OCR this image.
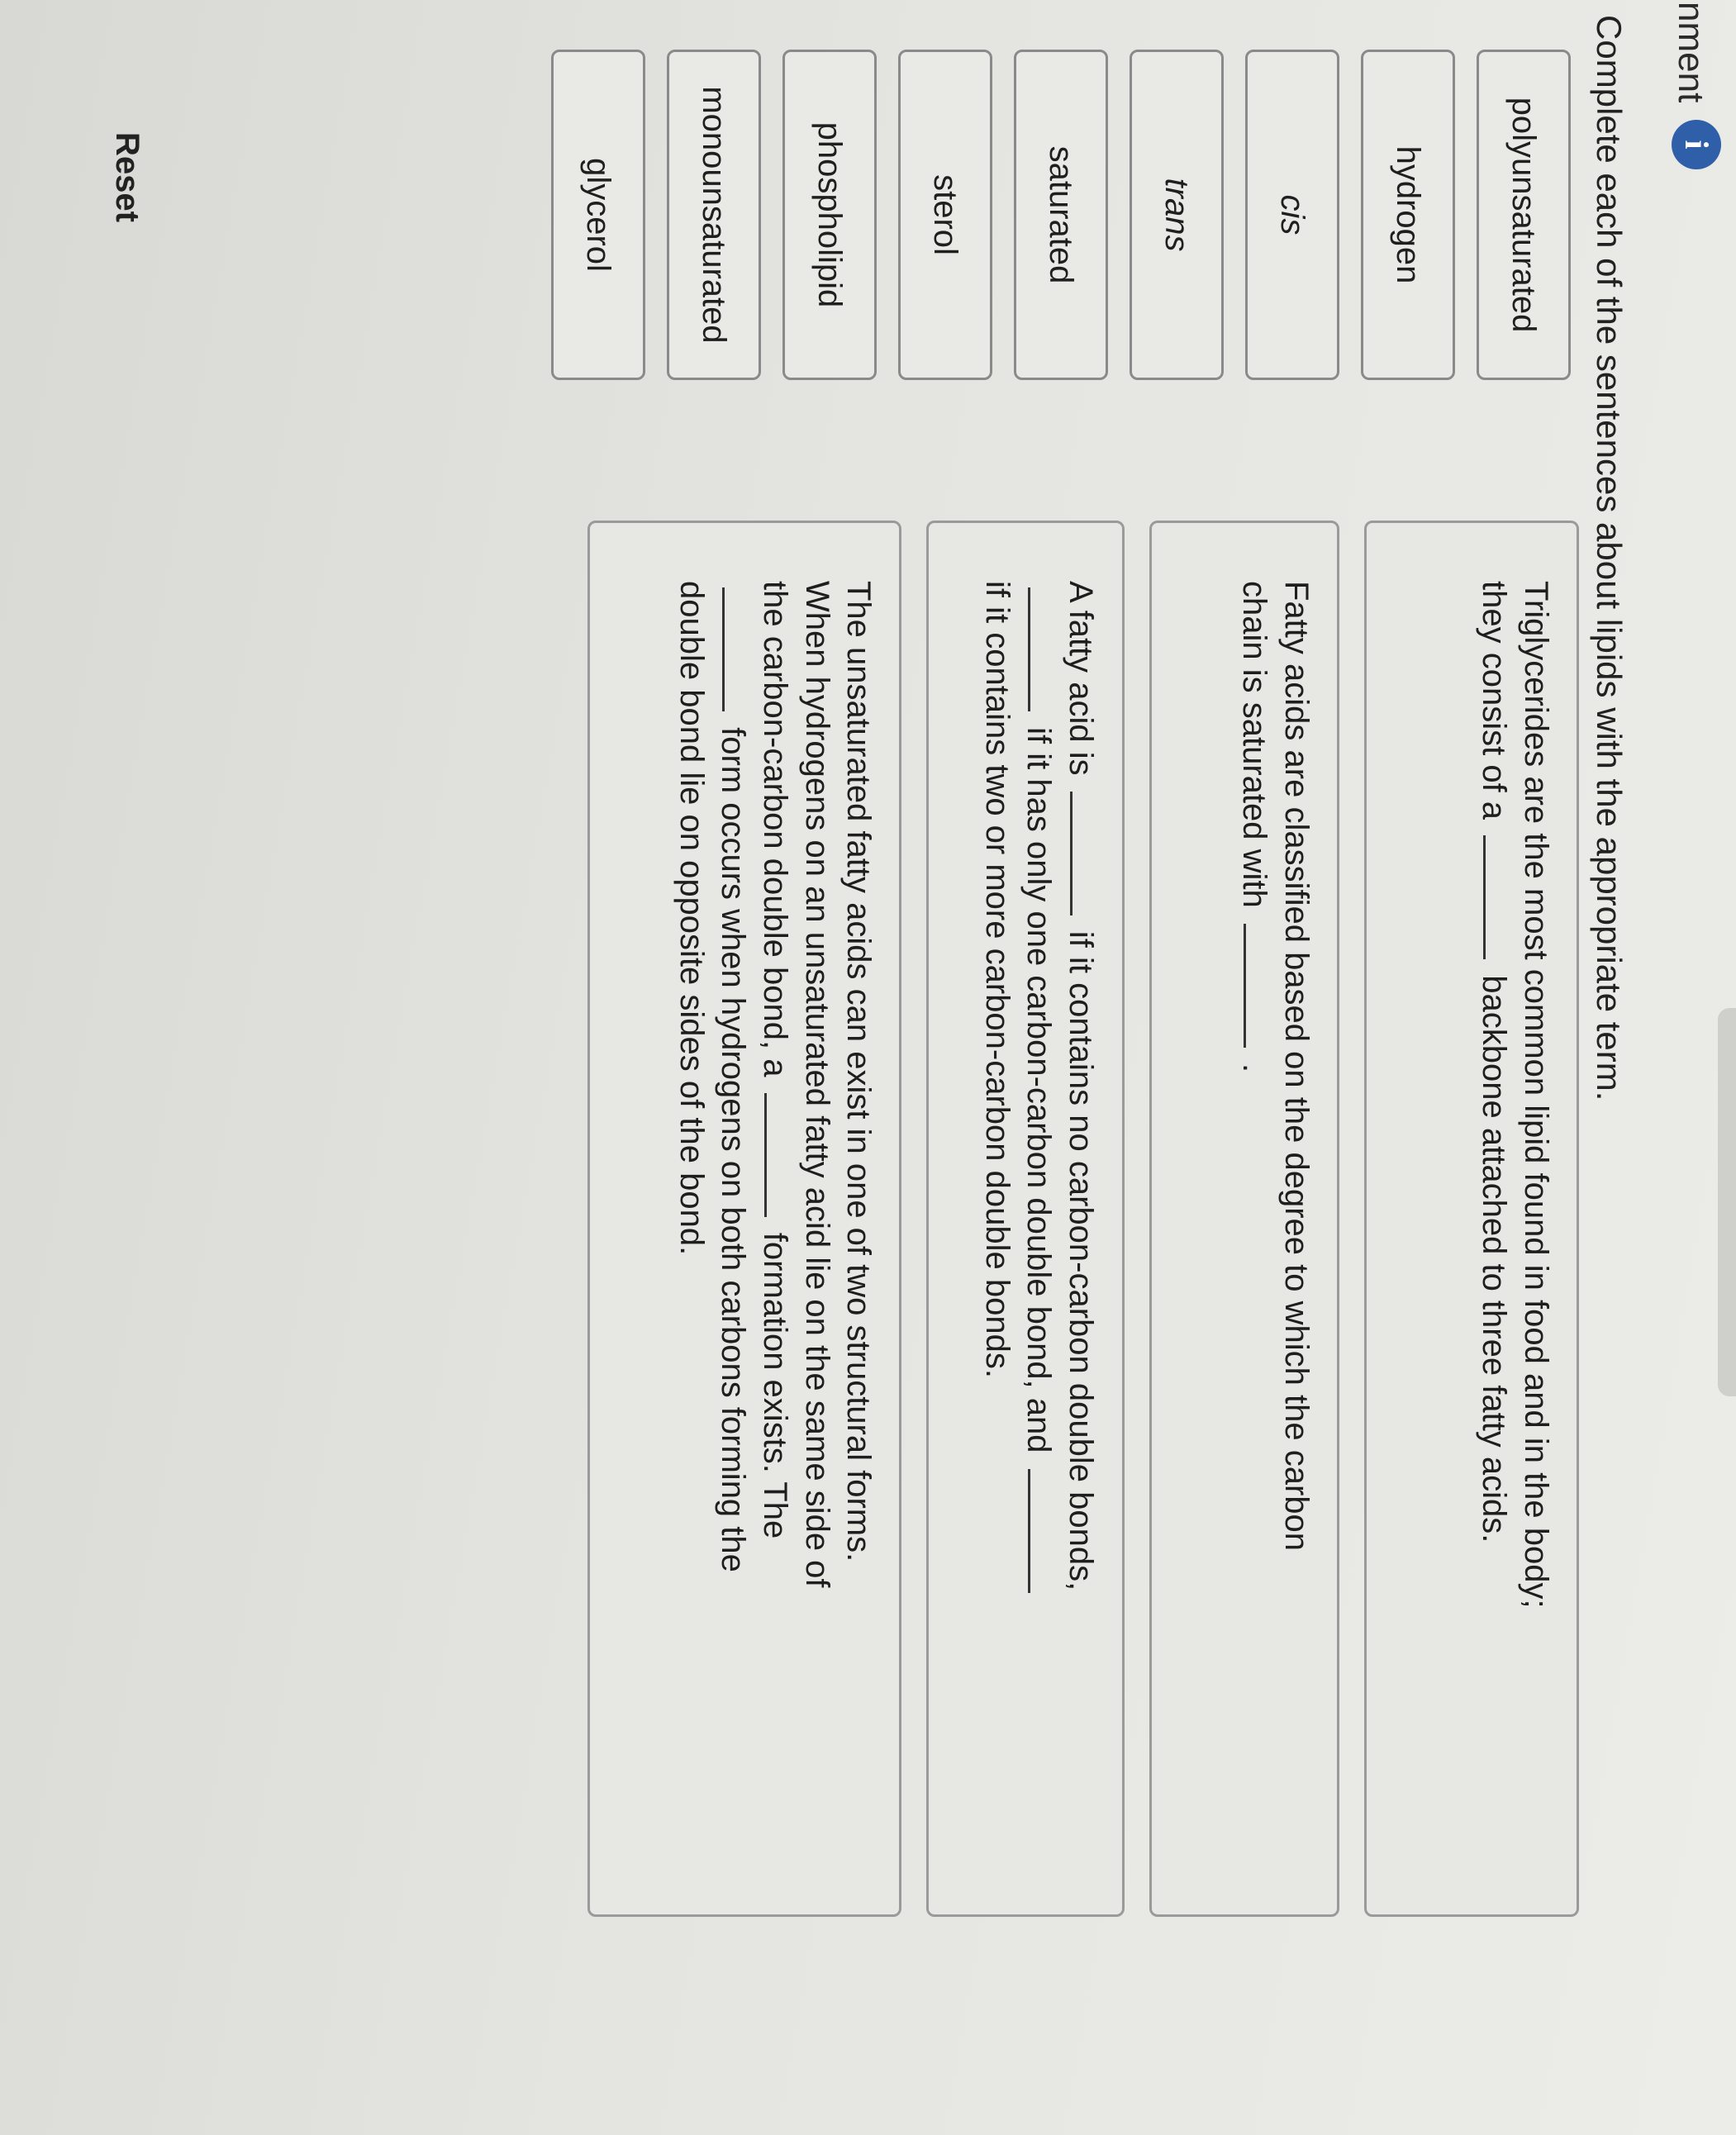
nment
i
Complete each of the sentences about lipids with the appropriate term.
polyunsaturated
hydrogen
cis
trans
saturated
sterol
phospholipid
monounsaturated
glycerol
Reset
Triglycerides are the most common lipid found in food and in the body; they consist of a  backbone attached to three fatty acids.
Fatty acids are classified based on the degree to which the carbon chain is saturated with  .
A fatty acid is  if it contains no carbon-carbon double bonds,  if it has only one carbon-carbon double bond, and  if it contains two or more carbon-carbon double bonds.
The unsaturated fatty acids can exist in one of two structural forms. When hydrogens on an unsaturated fatty acid lie on the same side of the carbon-carbon double bond, a  formation exists. The  form occurs when hydrogens on both carbons forming the double bond lie on opposite sides of the bond.
